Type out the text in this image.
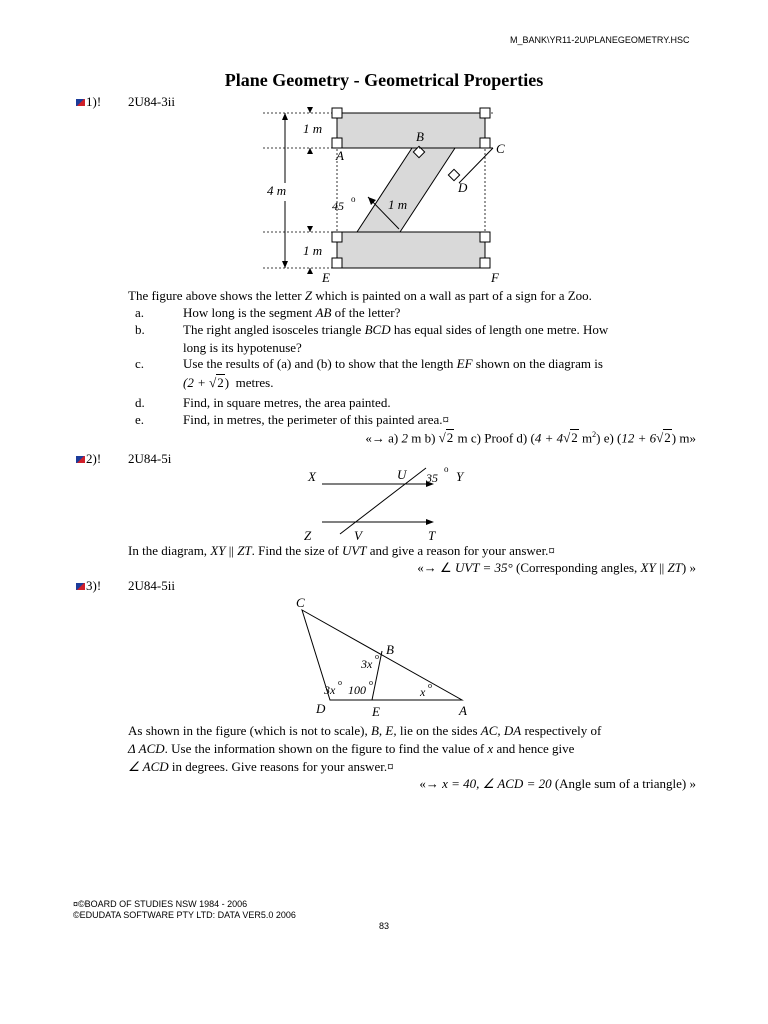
M_BANK\YR11-2U\PLANEGEOMETRY.HSC
Plane Geometry - Geometrical Properties
1)! 2U84-3ii
1 m
4 m
1 m
1 m
45 o
A
B
C
D
E	F
The figure above shows the letter Z which is painted on a wall as part of a sign for a Zoo.
a.	How long is the segment AB of the letter?
b.	The right angled isosceles triangle BCD has equal sides of length one metre. How
long is its hypotenuse?
c.	Use the results of (a) and (b) to show that the length EF shown on the diagram is
(2 + √2) metres.
d.	Find, in square metres, the area painted.
e.	Find, in metres, the perimeter of this painted area.¤
«→ a) 2 m b) √2 m c) Proof d) (4 + 4√2 $m^2$) e) (12 + 6√2) m»
2)! 2U84-5i
X	U 35
o Y
Z	V	T
In the diagram, XY || ZT. Find the size of UVT and give a reason for your answer.¤
«→ ∠ UVT = 35° (Corresponding angles, XY || ZT) »
3)! 2U84-5ii
C
B
D	E	A
3x
o
3x
o
100
o
x o
As shown in the figure (which is not to scale), B, E, lie on the sides AC, DA respectively of
Δ ACD. Use the information shown on the figure to find the value of x and hence give
∠ ACD in degrees. Give reasons for your answer.¤
«→ x = 40, ∠ ACD = 20 (Angle sum of a triangle) »
¤©BOARD OF STUDIES NSW 1984 - 2006
©EDUDATA SOFTWARE PTY LTD: DATA VER5.0 2006
83
